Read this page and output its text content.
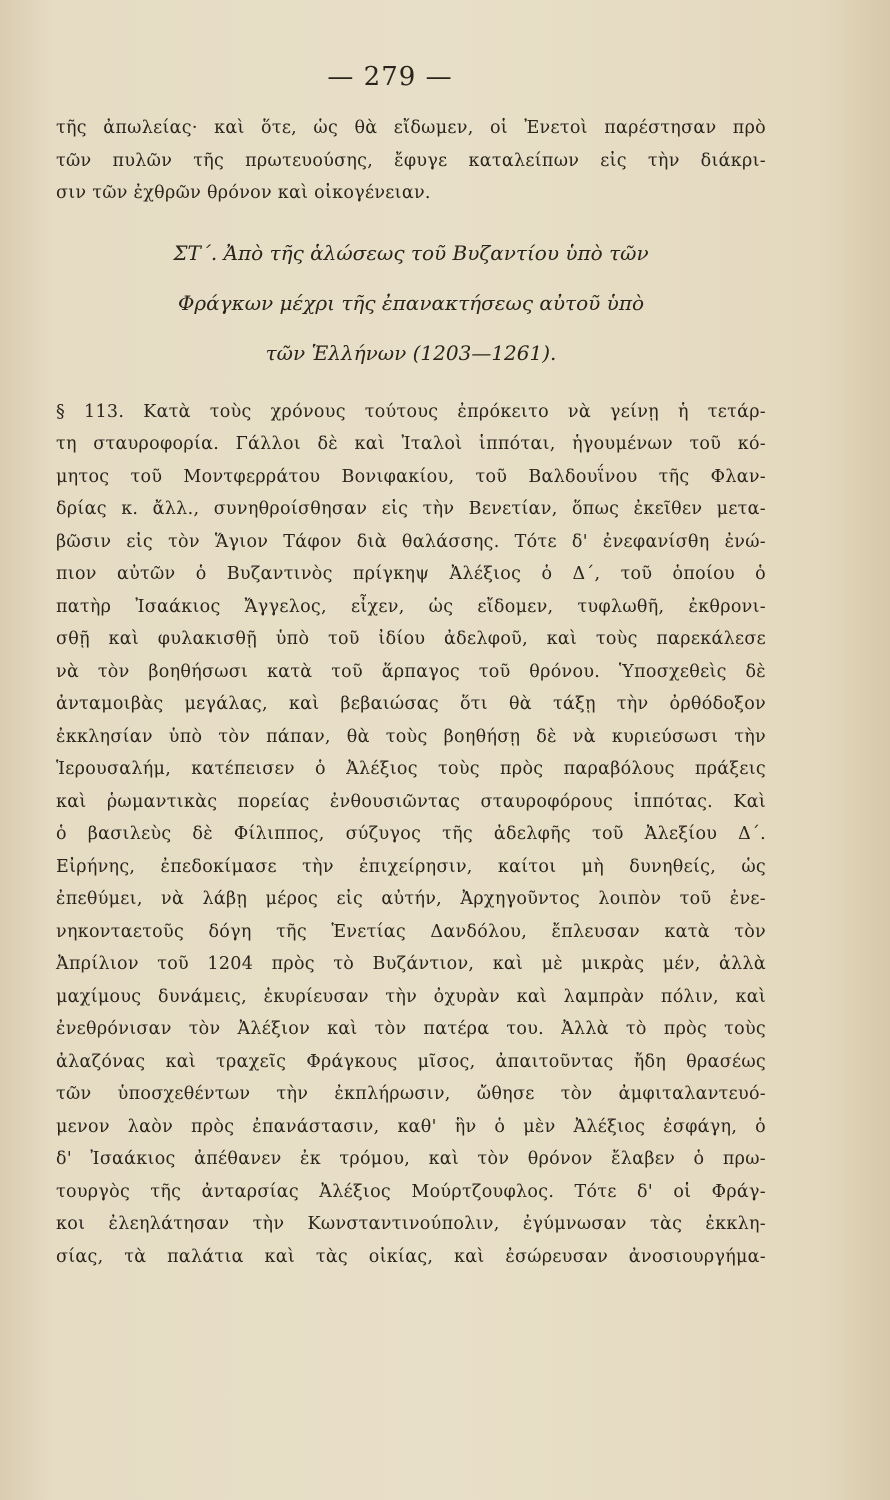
— 279 —
τῆς ἀπωλείας· καὶ ὅτε, ὡς θὰ εἴδωμεν, οἱ Ἐνετοὶ παρέστησαν πρὸ
τῶν πυλῶν τῆς πρωτευούσης, ἔφυγε καταλείπων εἰς τὴν διάκρι-
σιν τῶν ἐχθρῶν θρόνον καὶ οἰκογένειαν.
ΣΤ΄. Ἀπὸ τῆς ἁλώσεως τοῦ Βυζαντίου ὑπὸ τῶν
Φράγκων μέχρι τῆς ἐπανακτήσεως αὐτοῦ ὑπὸ
τῶν Ἑλλήνων (1203—1261).
§ 113. Κατὰ τοὺς χρόνους τούτους ἐπρόκειτο νὰ γείνῃ ἡ τετάρ-
τη σταυροφορία. Γάλλοι δὲ καὶ Ἰταλοὶ ἱππόται, ἡγουμένων τοῦ κό-
μητος τοῦ Μοντφερράτου Βονιφακίου, τοῦ Βαλδουΐνου τῆς Φλαν-
δρίας κ. ἄλλ., συνηθροίσθησαν εἰς τὴν Βενετίαν, ὅπως ἐκεῖθεν μετα-
βῶσιν εἰς τὸν Ἅγιον Τάφον διὰ θαλάσσης. Τότε δ' ἐνεφανίσθη ἐνώ-
πιον αὐτῶν ὁ Βυζαντινὸς πρίγκηψ Ἀλέξιος ὁ Δ΄, τοῦ ὁποίου ὁ
πατὴρ Ἰσαάκιος Ἄγγελος, εἶχεν, ὡς εἴδομεν, τυφλωθῆ, ἐκθρονι-
σθῇ καὶ φυλακισθῇ ὑπὸ τοῦ ἰδίου ἀδελφοῦ, καὶ τοὺς παρεκάλεσε
νὰ τὸν βοηθήσωσι κατὰ τοῦ ἅρπαγος τοῦ θρόνου. Ὑποσχεθεὶς δὲ
ἀνταμοιβὰς μεγάλας, καὶ βεβαιώσας ὅτι θὰ τάξῃ τὴν ὀρθόδοξον
ἐκκλησίαν ὑπὸ τὸν πάπαν, θὰ τοὺς βοηθήσῃ δὲ νὰ κυριεύσωσι τὴν
Ἱερουσαλήμ, κατέπεισεν ὁ Ἀλέξιος τοὺς πρὸς παραβόλους πράξεις
καὶ ῥωμαντικὰς πορείας ἐνθουσιῶντας σταυροφόρους ἱππότας. Καὶ
ὁ βασιλεὺς δὲ Φίλιππος, σύζυγος τῆς ἀδελφῆς τοῦ Ἀλεξίου Δ΄.
Εἰρήνης, ἐπεδοκίμασε τὴν ἐπιχείρησιν, καίτοι μὴ δυνηθείς, ὡς
ἐπεθύμει, νὰ λάβῃ μέρος εἰς αὐτήν, Ἀρχηγοῦντος λοιπὸν τοῦ ἐνε-
νηκονταετοῦς δόγη τῆς Ἑνετίας Δανδόλου, ἔπλευσαν κατὰ τὸν
Ἀπρίλιον τοῦ 1204 πρὸς τὸ Βυζάντιον, καὶ μὲ μικρὰς μέν, ἀλλὰ
μαχίμους δυνάμεις, ἐκυρίευσαν τὴν ὀχυρὰν καὶ λαμπρὰν πόλιν, καὶ
ἐνεθρόνισαν τὸν Ἀλέξιον καὶ τὸν πατέρα του. Ἀλλὰ τὸ πρὸς τοὺς
ἀλαζόνας καὶ τραχεῖς Φράγκους μῖσος, ἀπαιτοῦντας ἤδη θρασέως
τῶν ὑποσχεθέντων τὴν ἐκπλήρωσιν, ὤθησε τὸν ἀμφιταλαντευό-
μενον λαὸν πρὸς ἐπανάστασιν, καθ' ἣν ὁ μὲν Ἀλέξιος ἐσφάγη, ὁ
δ' Ἰσαάκιος ἀπέθανεν ἐκ τρόμου, καὶ τὸν θρόνον ἔλαβεν ὁ πρω-
τουργὸς τῆς ἀνταρσίας Ἀλέξιος Μούρτζουφλος. Τότε δ' οἱ Φράγ-
κοι ἐλεηλάτησαν τὴν Κωνσταντινούπολιν, ἐγύμνωσαν τὰς ἐκκλη-
σίας, τὰ παλάτια καὶ τὰς οἰκίας, καὶ ἐσώρευσαν ἀνοσιουργήμα-
